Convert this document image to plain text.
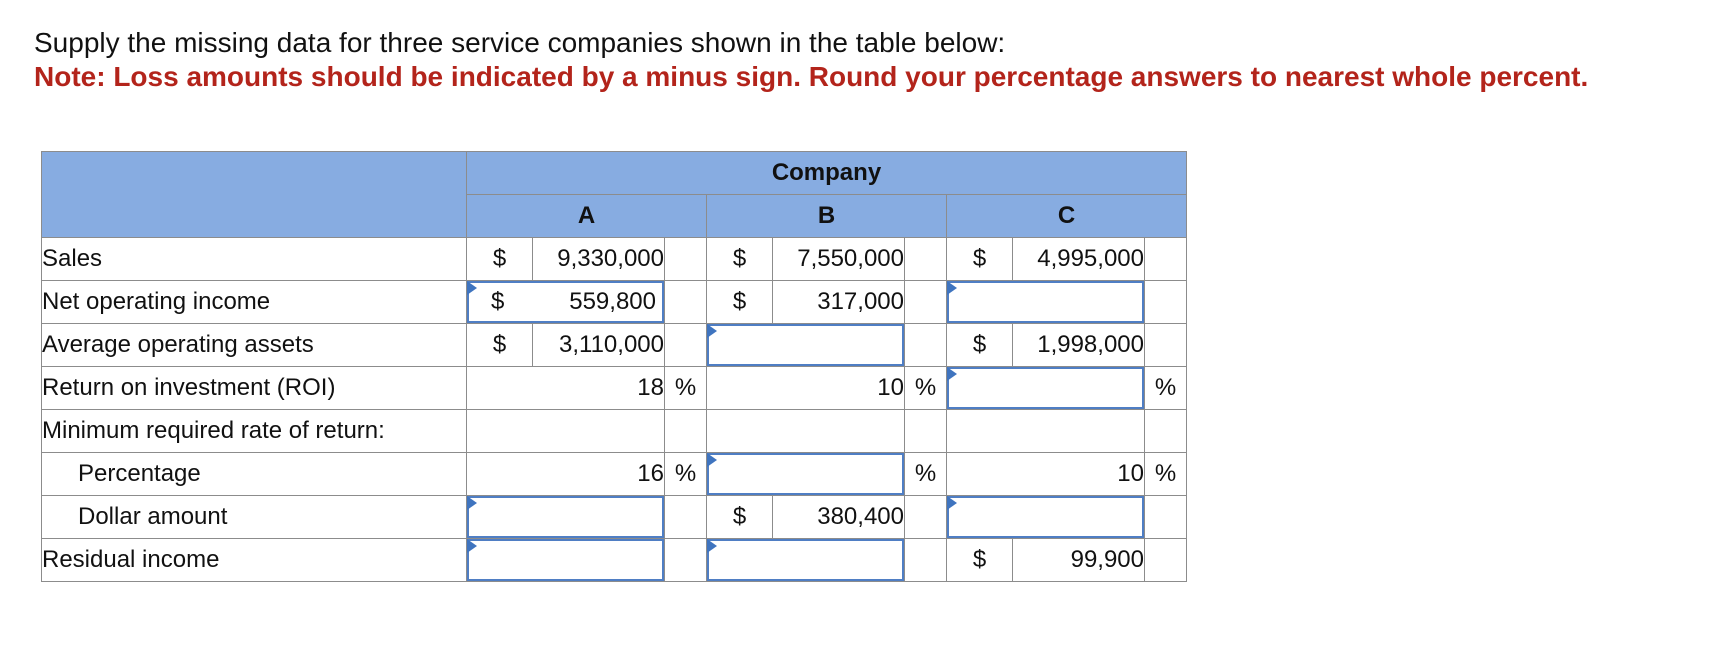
Supply the missing data for three service companies shown in the table below:
Note: Loss amounts should be indicated by a minus sign. Round your percentage answers to nearest whole percent.
	Company								
	A			B			C		
Sales	$	9,330,000		$	7,550,000		$	4,995,000	
Net operating income	$ 559,800			$	317,000			

Average operating assets	$	3,110,000					$	1,998,000	
Return on investment (ROI)	18		%	10		%			%
Minimum required rate of return:									
Percentage	16		%			%	10		%
Dollar amount				$	380,400			

Residual income							$	99,900	
